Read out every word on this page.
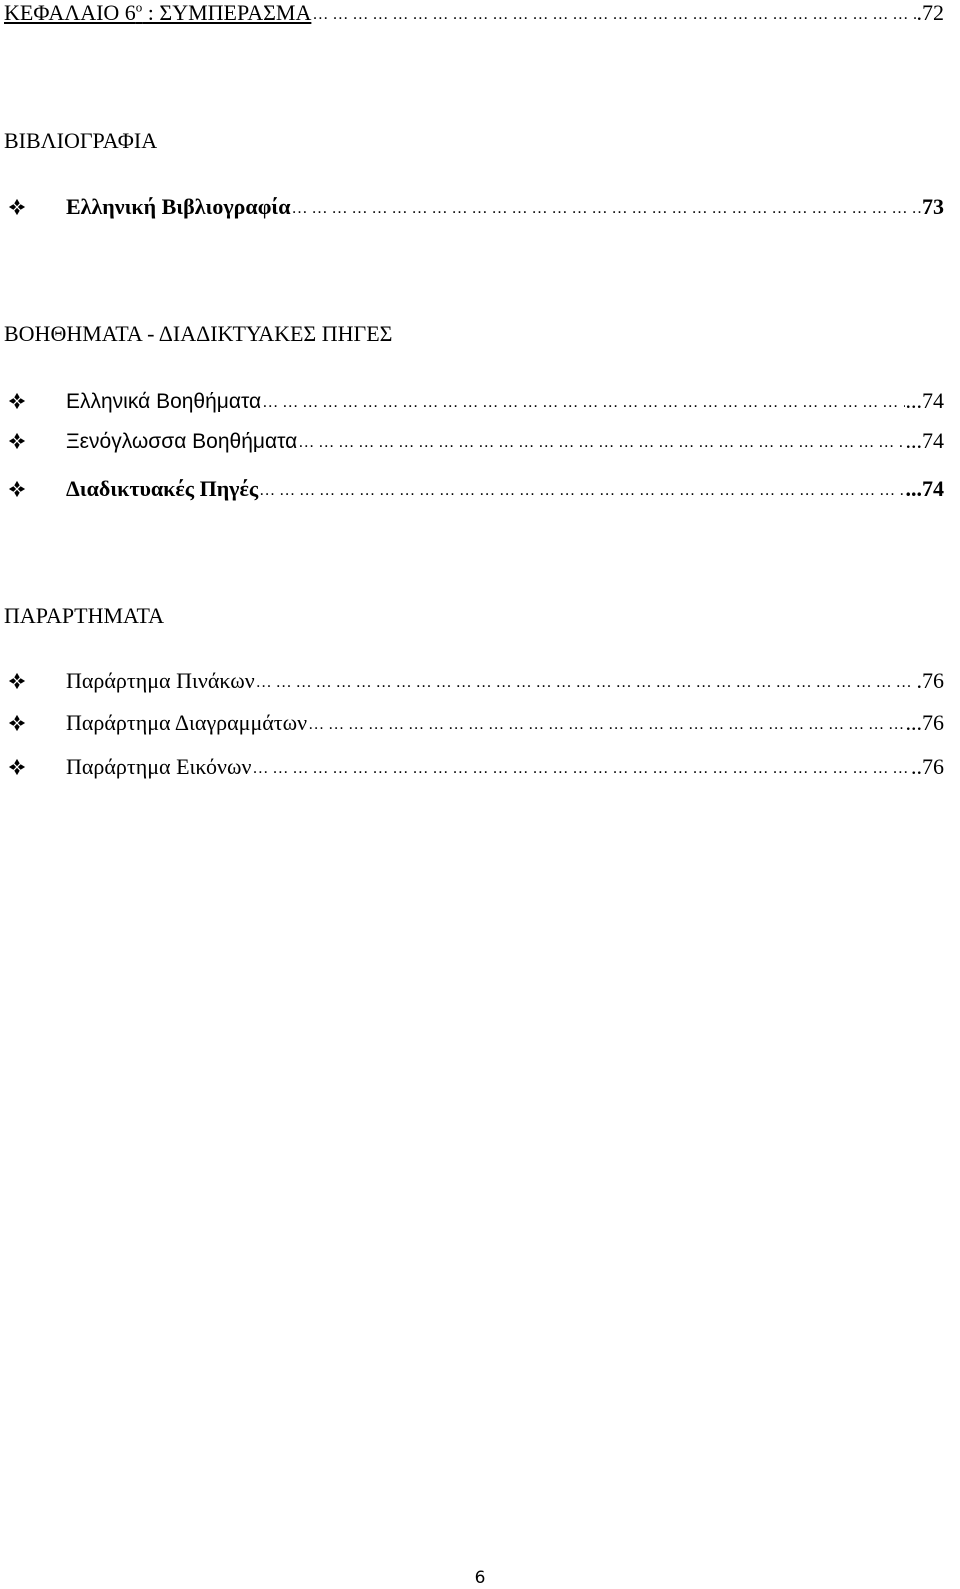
ΚΕΦΑΛΑΙΟ $6^o$ : ΣΥΜΠΕΡΑΣΜΑ …………………………………………………………………………………………………………………………	.72
ΒΙΒΛΙΟΓΡΑΦΙΑ
Ελληνική Βιβλιογραφία …………………………………………………………………………………………………………………………	73
ΒΟΗΘΗΜΑΤΑ - ΔΙΑΔΙΚΤΥΑΚΕΣ ΠΗΓΕΣ
Ελληνικά Βοηθήματα …………………………………………………………………………………………………………………………	...74
Ξενόγλωσσα Βοηθήματα …………………………………………………………………………………………………………………………	...74
Διαδικτυακές Πηγές …………………………………………………………………………………………………………………………	...74
ΠΑΡΑΡΤΗΜΑΤΑ
Παράρτημα Πινάκων …………………………………………………………………………………………………………………………	.76
Παράρτημα Διαγραμμάτων …………………………………………………………………………………………………………………………	...76
Παράρτημα Εικόνων …………………………………………………………………………………………………………………………	..76
6
